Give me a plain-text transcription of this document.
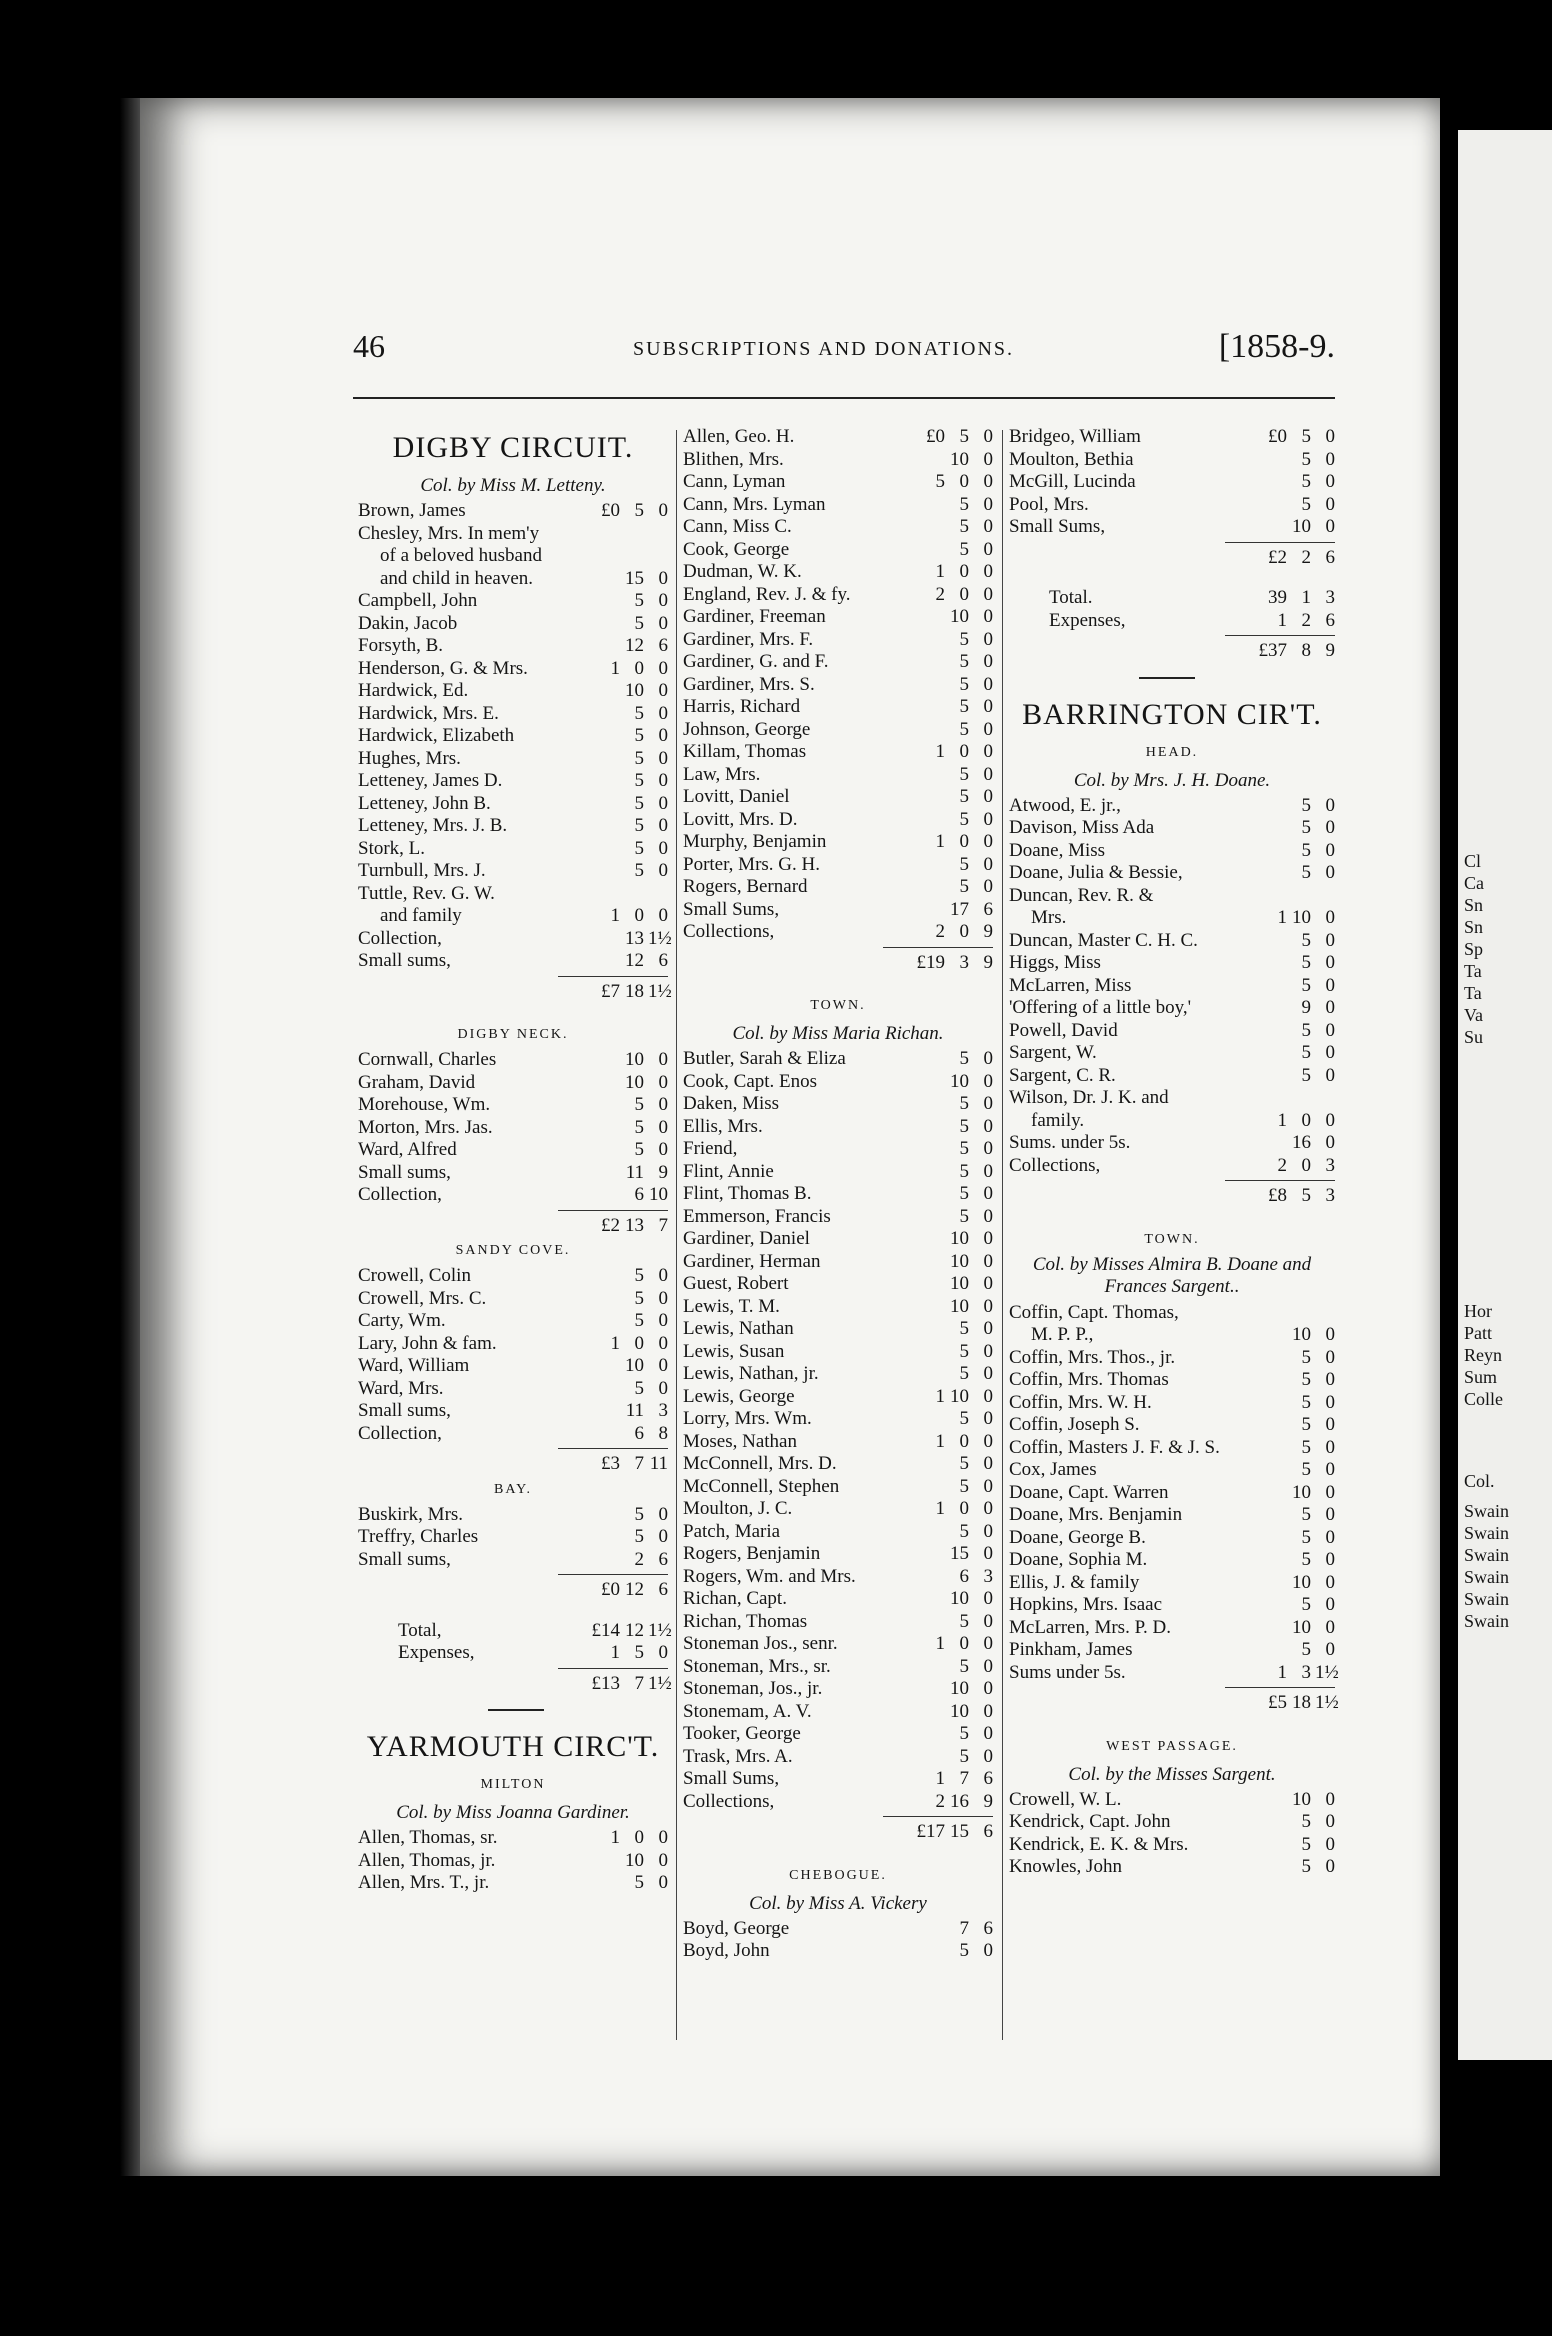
46	SUBSCRIPTIONS AND DONATIONS.	[1858-9.
DIGBY CIRCUIT.
Col. by Miss M. Letteny.
Brown, James	£0 5 0
Chesley, Mrs. In mem'y
of a beloved husband
and child in heaven.	15 0
Campbell, John	5 0
Dakin, Jacob	5 0
Forsyth, B.	12 6
Henderson, G. & Mrs.	1 0 0
Hardwick, Ed.	10 0
Hardwick, Mrs. E.	5 0
Hardwick, Elizabeth	5 0
Hughes, Mrs.	5 0
Letteney, James D.	5 0
Letteney, John B.	5 0
Letteney, Mrs. J. B.	5 0
Stork, L.	5 0
Turnbull, Mrs. J.	5 0
Tuttle, Rev. G. W.
and family	1 0 0
Collection,	13 1½
Small sums,	12 6
£7 18 1½
DIGBY NECK.
Cornwall, Charles	10 0
Graham, David	10 0
Morehouse, Wm.	5 0
Morton, Mrs. Jas.	5 0
Ward, Alfred	5 0
Small sums,	11 9
Collection,	6 10
£2 13 7
SANDY COVE.
Crowell, Colin	5 0
Crowell, Mrs. C.	5 0
Carty, Wm.	5 0
Lary, John & fam.	1 0 0
Ward, William	10 0
Ward, Mrs.	5 0
Small sums,	11 3
Collection,	6 8
£3 7 11
BAY.
Buskirk, Mrs.	5 0
Treffry, Charles	5 0
Small sums,	2 6
£0 12 6
Total,	£14 12 1½
Expenses,	1 5 0
£13 7 1½
YARMOUTH CIRC'T.
MILTON
Col. by Miss Joanna Gardiner.
Allen, Thomas, sr.	1 0 0
Allen, Thomas, jr.	10 0
Allen, Mrs. T., jr.	5 0
Allen, Geo. H.	£0 5 0
Blithen, Mrs.	10 0
Cann, Lyman	5 0 0
Cann, Mrs. Lyman	5 0
Cann, Miss C.	5 0
Cook, George	5 0
Dudman, W. K.	1 0 0
England, Rev. J. & fy.	2 0 0
Gardiner, Freeman	10 0
Gardiner, Mrs. F.	5 0
Gardiner, G. and F.	5 0
Gardiner, Mrs. S.	5 0
Harris, Richard	5 0
Johnson, George	5 0
Killam, Thomas	1 0 0
Law, Mrs.	5 0
Lovitt, Daniel	5 0
Lovitt, Mrs. D.	5 0
Murphy, Benjamin	1 0 0
Porter, Mrs. G. H.	5 0
Rogers, Bernard	5 0
Small Sums,	17 6
Collections,	2 0 9
£19 3 9
TOWN.
Col. by Miss Maria Richan.
Butler, Sarah & Eliza	5 0
Cook, Capt. Enos	10 0
Daken, Miss	5 0
Ellis, Mrs.	5 0
Friend,	5 0
Flint, Annie	5 0
Flint, Thomas B.	5 0
Emmerson, Francis	5 0
Gardiner, Daniel	10 0
Gardiner, Herman	10 0
Guest, Robert	10 0
Lewis, T. M.	10 0
Lewis, Nathan	5 0
Lewis, Susan	5 0
Lewis, Nathan, jr.	5 0
Lewis, George	1 10 0
Lorry, Mrs. Wm.	5 0
Moses, Nathan	1 0 0
McConnell, Mrs. D.	5 0
McConnell, Stephen	5 0
Moulton, J. C.	1 0 0
Patch, Maria	5 0
Rogers, Benjamin	15 0
Rogers, Wm. and Mrs.	6 3
Richan, Capt.	10 0
Richan, Thomas	5 0
Stoneman Jos., senr.	1 0 0
Stoneman, Mrs., sr.	5 0
Stoneman, Jos., jr.	10 0
Stonemam, A. V.	10 0
Tooker, George	5 0
Trask, Mrs. A.	5 0
Small Sums,	1 7 6
Collections,	2 16 9
£17 15 6
CHEBOGUE.
Col. by Miss A. Vickery
Boyd, George	7 6
Boyd, John	5 0
Bridgeo, William	£0 5 0
Moulton, Bethia	5 0
McGill, Lucinda	5 0
Pool, Mrs.	5 0
Small Sums,	10 0
£2 2 6
Total.	39 1 3
Expenses,	1 2 6
£37 8 9
BARRINGTON CIR'T.
HEAD.
Col. by Mrs. J. H. Doane.
Atwood, E. jr.,	5 0
Davison, Miss Ada	5 0
Doane, Miss	5 0
Doane, Julia & Bessie,	5 0
Duncan, Rev. R. &
Mrs.	1 10 0
Duncan, Master C. H. C.	5 0
Higgs, Miss	5 0
McLarren, Miss	5 0
'Offering of a little boy,'	9 0
Powell, David	5 0
Sargent, W.	5 0
Sargent, C. R.	5 0
Wilson, Dr. J. K. and
family.	1 0 0
Sums. under 5s.	16 0
Collections,	2 0 3
£8 5 3
TOWN.
Col. by Misses Almira B. Doane and Frances Sargent..
Coffin, Capt. Thomas,
M. P. P.,	10 0
Coffin, Mrs. Thos., jr.	5 0
Coffin, Mrs. Thomas	5 0
Coffin, Mrs. W. H.	5 0
Coffin, Joseph S.	5 0
Coffin, Masters J. F. & J. S.	5 0
Cox, James	5 0
Doane, Capt. Warren	10 0
Doane, Mrs. Benjamin	5 0
Doane, George B.	5 0
Doane, Sophia M.	5 0
Ellis, J. & family	10 0
Hopkins, Mrs. Isaac	5 0
McLarren, Mrs. P. D.	10 0
Pinkham, James	5 0
Sums under 5s.	1 3 1½
£5 18 1½
WEST PASSAGE.
Col. by the Misses Sargent.
Crowell, W. L.	10 0
Kendrick, Capt. John	5 0
Kendrick, E. K. & Mrs.	5 0
Knowles, John	5 0
Cl
Ca
Sn
Sn
Sp
Ta
Ta
Va
Su
Hor
Patt
Reyn
Sum
Colle
Col.
Swain
Swain
Swain
Swain
Swain
Swain
